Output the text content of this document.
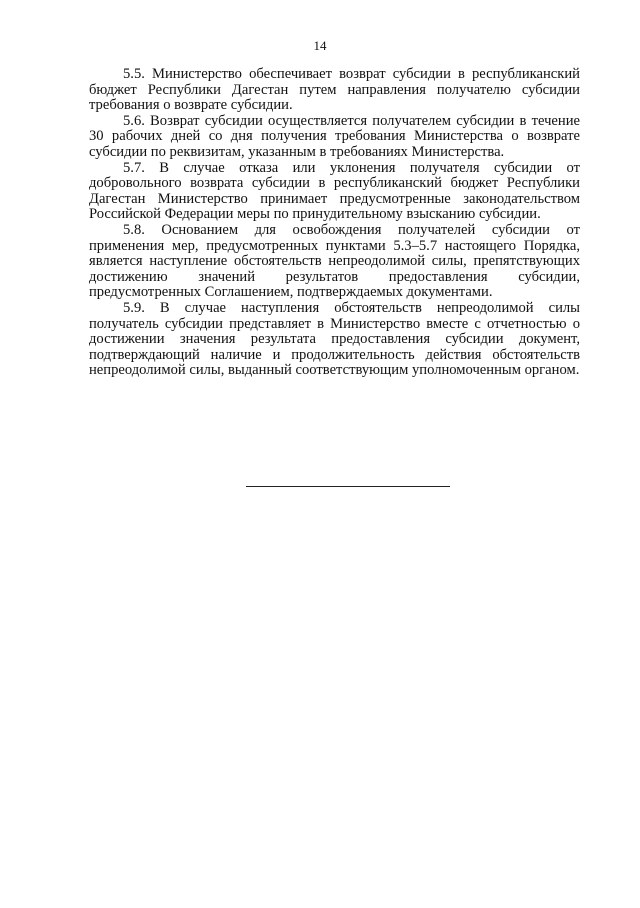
14

5.5. Министерство обеспечивает возврат субсидии в республиканский бюджет Республики Дагестан путем направления получателю субсидии требования о возврате субсидии.

5.6. Возврат субсидии осуществляется получателем субсидии в течение 30 рабочих дней со дня получения требования Министерства о возврате субсидии по реквизитам, указанным в требованиях Министерства.

5.7. В случае отказа или уклонения получателя субсидии от добровольного возврата субсидии в республиканский бюджет Республики Дагестан Министерство принимает предусмотренные законодательством Российской Федерации меры по принудительному взысканию субсидии.

5.8. Основанием для освобождения получателей субсидии от применения мер, предусмотренных пунктами 5.3–5.7 настоящего Порядка, является наступление обстоятельств непреодолимой силы, препятствующих достижению значений результатов предоставления субсидии, предусмотренных Соглашением, подтверждаемых документами.

5.9. В случае наступления обстоятельств непреодолимой силы получатель субсидии представляет в Министерство вместе с отчетностью о достижении значения результата предоставления субсидии документ, подтверждающий наличие и продолжительность действия обстоятельств непреодолимой силы, выданный соответствующим уполномоченным органом.
